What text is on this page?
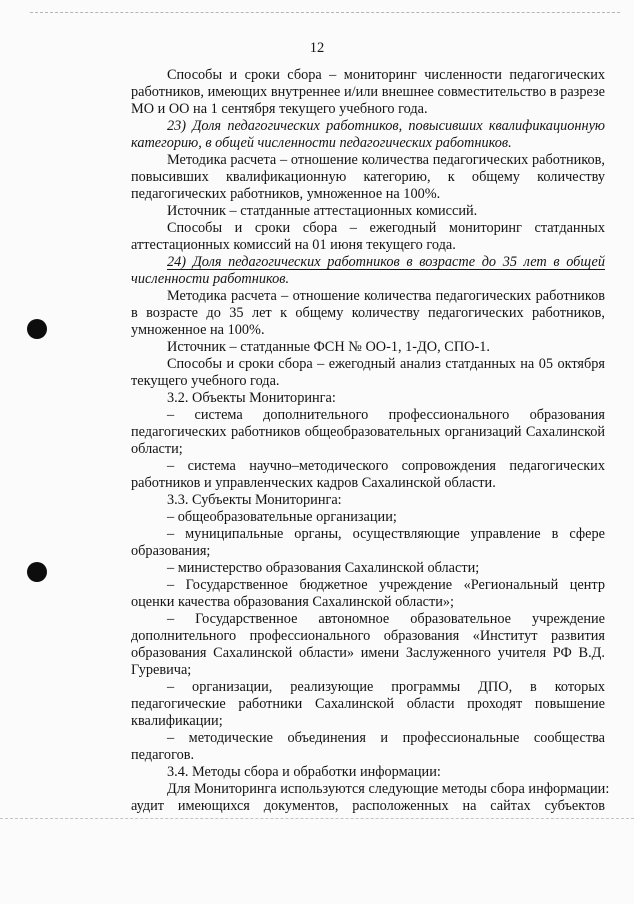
12
Способы и сроки сбора – мониторинг численности педагогических
работников, имеющих внутреннее и/или внешнее совместительство в разрезе
МО и ОО на 1 сентября текущего учебного года.
23) Доля педагогических работников, повысивших квалификационную
категорию, в общей численности педагогических работников.
Методика расчета – отношение количества педагогических работников,
повысивших квалификационную категорию, к общему количеству
педагогических работников, умноженное на 100%.
Источник – статданные аттестационных комиссий.
Способы и сроки сбора – ежегодный мониторинг статданных
аттестационных комиссий на 01 июня текущего года.
24) Доля педагогических работников в возрасте до 35 лет в общей
численности работников.
Методика расчета – отношение количества педагогических работников
в возрасте до 35 лет к общему количеству педагогических работников,
умноженное на 100%.
Источник – статданные ФСН № ОО-1, 1-ДО, СПО-1.
Способы и сроки сбора – ежегодный анализ статданных на 05 октября
текущего учебного года.
3.2. Объекты Мониторинга:
– система дополнительного профессионального образования
педагогических работников общеобразовательных организаций Сахалинской
области;
– система научно–методического сопровождения педагогических
работников и управленческих кадров Сахалинской области.
3.3. Субъекты Мониторинга:
– общеобразовательные организации;
– муниципальные органы, осуществляющие управление в сфере
образования;
– министерство образования Сахалинской области;
– Государственное бюджетное учреждение «Региональный центр
оценки качества образования Сахалинской области»;
– Государственное автономное образовательное учреждение
дополнительного профессионального образования «Институт развития
образования Сахалинской области» имени Заслуженного учителя РФ В.Д.
Гуревича;
– организации, реализующие программы ДПО, в которых
педагогические работники Сахалинской области проходят повышение
квалификации;
– методические объединения и профессиональные сообщества
педагогов.
3.4. Методы сбора и обработки информации:
Для Мониторинга используются следующие методы сбора информации:
аудит имеющихся документов, расположенных на сайтах субъектов
